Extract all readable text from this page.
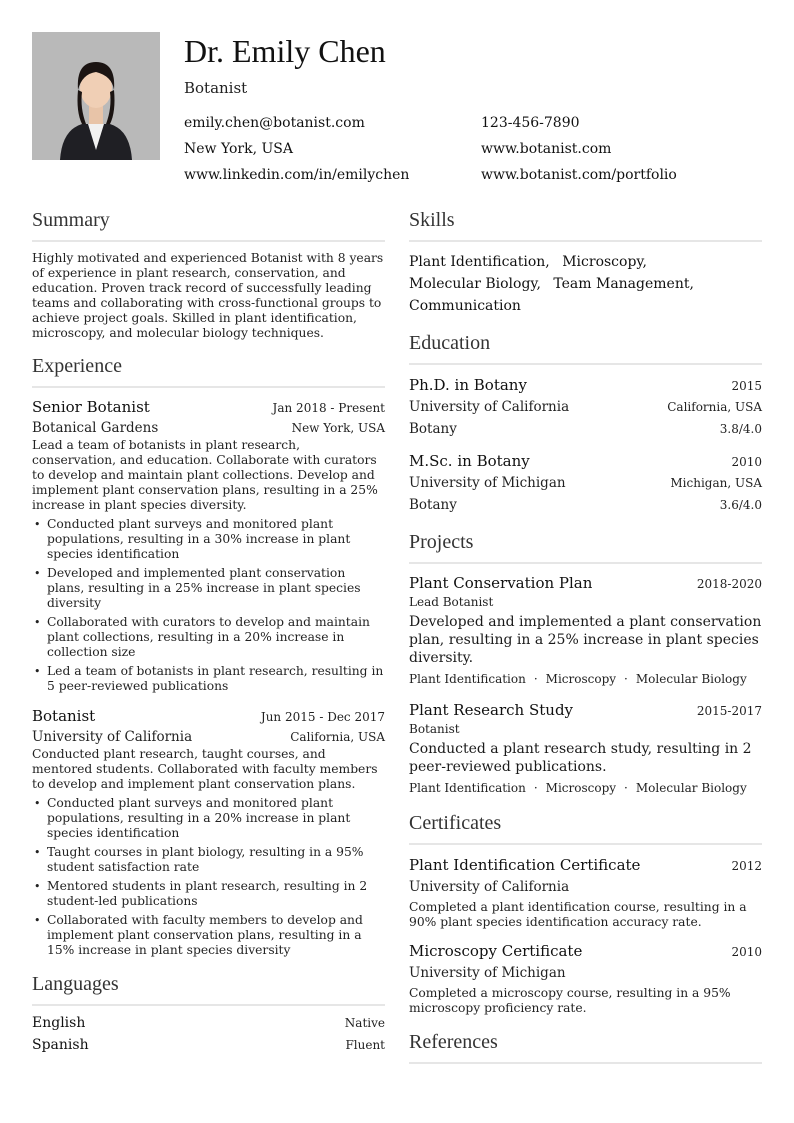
Dr. Emily Chen
Botanist
emily.chen@botanist.com	123-456-7890
New York, USA	www.botanist.com
www.linkedin.com/in/emilychen	www.botanist.com/portfolio
Summary
Highly motivated and experienced Botanist with 8 years of experience in plant research, conservation, and education. Proven track record of successfully leading teams and collaborating with cross-functional groups to achieve project goals. Skilled in plant identification, microscopy, and molecular biology techniques.
Experience
Senior Botanist	Jan 2018 - Present
Botanical Gardens	New York, USA
Lead a team of botanists in plant research, conservation, and education. Collaborate with curators to develop and maintain plant collections. Develop and implement plant conservation plans, resulting in a 25% increase in plant species diversity.
• Conducted plant surveys and monitored plant populations, resulting in a 30% increase in plant species identification
• Developed and implemented plant conservation plans, resulting in a 25% increase in plant species diversity
• Collaborated with curators to develop and maintain plant collections, resulting in a 20% increase in collection size
• Led a team of botanists in plant research, resulting in 5 peer-reviewed publications
Botanist	Jun 2015 - Dec 2017
University of California	California, USA
Conducted plant research, taught courses, and mentored students. Collaborated with faculty members to develop and implement plant conservation plans.
• Conducted plant surveys and monitored plant populations, resulting in a 20% increase in plant species identification
• Taught courses in plant biology, resulting in a 95% student satisfaction rate
• Mentored students in plant research, resulting in 2 student-led publications
• Collaborated with faculty members to develop and implement plant conservation plans, resulting in a 15% increase in plant species diversity
Languages
English	Native
Spanish	Fluent
Skills
Plant Identification, Microscopy, Molecular Biology, Team Management, Communication
Education
Ph.D. in Botany	2015
University of California	California, USA
Botany	3.8/4.0
M.Sc. in Botany	2010
University of Michigan	Michigan, USA
Botany	3.6/4.0
Projects
Plant Conservation Plan	2018-2020
Lead Botanist
Developed and implemented a plant conservation plan, resulting in a 25% increase in plant species diversity.
Plant Identification · Microscopy · Molecular Biology
Plant Research Study	2015-2017
Botanist
Conducted a plant research study, resulting in 2 peer-reviewed publications.
Plant Identification · Microscopy · Molecular Biology
Certificates
Plant Identification Certificate	2012
University of California
Completed a plant identification course, resulting in a 90% plant species identification accuracy rate.
Microscopy Certificate	2010
University of Michigan
Completed a microscopy course, resulting in a 95% microscopy proficiency rate.
References
